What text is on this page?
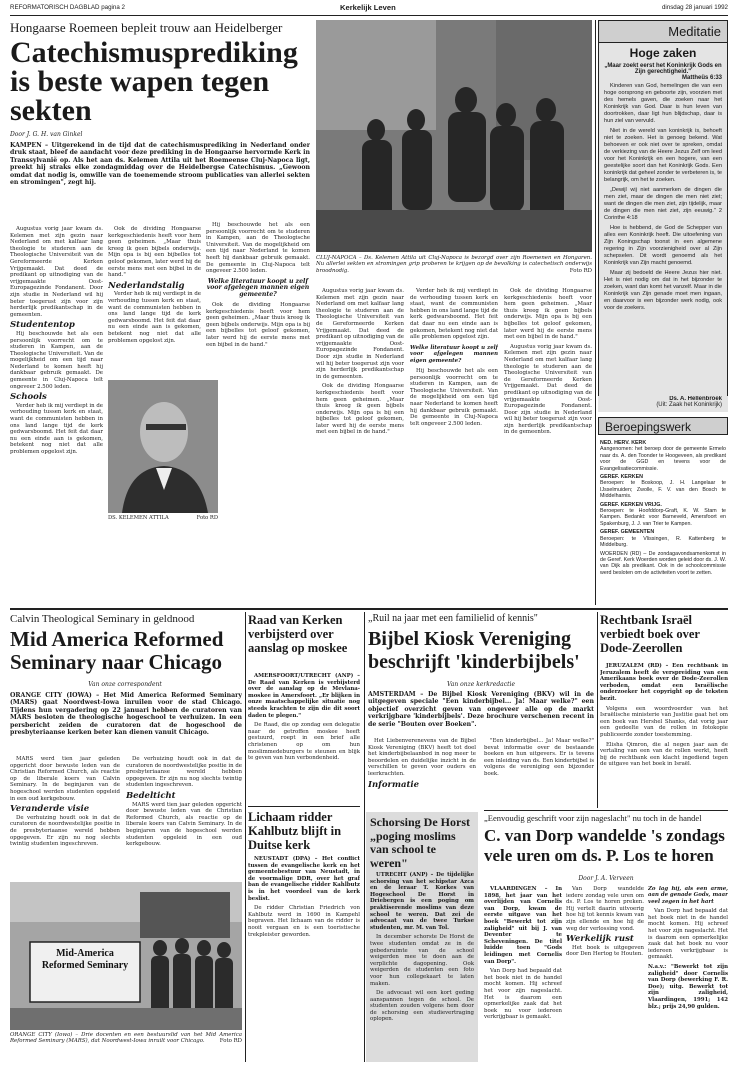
REFORMATORISCH DAGBLAD pagina 2	Kerkelijk Leven	dinsdag 28 januari 1992
Hongaarse Roemeen bepleit trouw aan Heidelberger
Catechismusprediking is beste wapen tegen sekten
Door J. G. H. van Ginkel
KAMPEN – Uitgerekend in de tijd dat de catechismusprediking in Nederland onder druk staat, bleef de aandacht voor deze prediking in de Hongaarse hervormde Kerk in Transsylvanië op. Als het aan ds. Kelemen Attila uit het Roemeense Cluj-Napoca ligt, preekt hij straks elke zondagmiddag over de Heidelbergse Catechismus. „Gewoon omdat dat nodig is, omwille van de toenemende stroom publicaties van allerlei sekten en stromingen", zegt hij.

Augustus vorig jaar kwam ds. Kelemen met zijn gezin naar Nederland om met kalfaar lang theologie te studeren aan de Theologische Universiteit van de Gereformeerde Kerken Vrijgemaakt. Dat deed de predikant op uitnodiging van de vrijgemaakte Oost-Europagezinde Fondanent. Door zijn studie in Nederland wil hij beter toegerust zijn voor zijn herderlijk predikantschap in de gemeenten.

Studententop

Hij beschouwde het als een persoonlijk voorrecht om te studeren in Kampen, aan de Theologische Universiteit. Van de mogelijkheid om een tijd naar Nederland te komen heeft hij dankbaar gebruik gemaakt. De gemeente in Cluj-Napoca telt ongeveer 2.500 leden.

Schools

Verder heb ik mij verdiept in de verhouding tussen kerk en staat, want de communisten hebben in ons land lange tijd de kerk gedwarsboomd. Het feit dat daar nu een einde aan is gekomen, betekent nog niet dat alle problemen opgelost zijn.

Ook de dividing Hongaarse kerkgeschiedenis heeft voor hem geen geheimen. „Maar thuis kreeg ik geen bijbels onderwijs. Mijn opa is bij een bijbelles tot geloof gekomen, later werd hij de eerste mens met een bijbel in de hand."

Nederlandstalig

Verder heb ik mij verdiept in de verhouding tussen kerk en staat, want de communisten hebben in ons land lange tijd de kerk gedwarsboomd. Het feit dat daar nu een einde aan is gekomen, betekent nog niet dat alle problemen opgelost zijn.

Hij beschouwde het als een persoonlijk voorrecht om te studeren in Kampen, aan de Theologische Universiteit. Van de mogelijkheid om een tijd naar Nederland te komen heeft hij dankbaar gebruik gemaakt. De gemeente in Cluj-Napoca telt ongeveer 2.500 leden.

Welke literatuur koopt u zelf voor afgelegen mannen eigen gemeente?

Ook de dividing Hongaarse kerkgeschiedenis heeft voor hem geen geheimen. „Maar thuis kreeg ik geen bijbels onderwijs. Mijn opa is bij een bijbelles tot geloof gekomen, later werd hij de eerste mens met een bijbel in de hand."

DS. KELEMEN ATTILA	Foto RD
CLUJ-NAPOCA – Ds. Kelemen Attila uit Cluj-Napoca is bezorgd over zijn Roemenen en Hongaren. Nu allerlei sekten en stromingen grip proberen te krijgen op de bevolking is catechetisch onderwijs broodnodig.	Foto RD

Augustus vorig jaar kwam ds. Kelemen met zijn gezin naar Nederland om met kalfaar lang theologie te studeren aan de Theologische Universiteit van de Gereformeerde Kerken Vrijgemaakt. Dat deed de predikant op uitnodiging van de vrijgemaakte Oost-Europagezinde Fondanent. Door zijn studie in Nederland wil hij beter toegerust zijn voor zijn herderlijk predikantschap in de gemeenten.

Ook de dividing Hongaarse kerkgeschiedenis heeft voor hem geen geheimen. „Maar thuis kreeg ik geen bijbels onderwijs. Mijn opa is bij een bijbelles tot geloof gekomen, later werd hij de eerste mens met een bijbel in de hand."

Verder heb ik mij verdiept in de verhouding tussen kerk en staat, want de communisten hebben in ons land lange tijd de kerk gedwarsboomd. Het feit dat daar nu een einde aan is gekomen, betekent nog niet dat alle problemen opgelost zijn.

Welke literatuur koopt u zelf voor afgelegen mannen eigen gemeente?

Hij beschouwde het als een persoonlijk voorrecht om te studeren in Kampen, aan de Theologische Universiteit. Van de mogelijkheid om een tijd naar Nederland te komen heeft hij dankbaar gebruik gemaakt. De gemeente in Cluj-Napoca telt ongeveer 2.500 leden.

Ook de dividing Hongaarse kerkgeschiedenis heeft voor hem geen geheimen. „Maar thuis kreeg ik geen bijbels onderwijs. Mijn opa is bij een bijbelles tot geloof gekomen, later werd hij de eerste mens met een bijbel in de hand."

Augustus vorig jaar kwam ds. Kelemen met zijn gezin naar Nederland om met kalfaar lang theologie te studeren aan de Theologische Universiteit van de Gereformeerde Kerken Vrijgemaakt. Dat deed de predikant op uitnodiging van de vrijgemaakte Oost-Europagezinde Fondanent. Door zijn studie in Nederland wil hij beter toegerust zijn voor zijn herderlijk predikantschap in de gemeenten.

Meditatie
Hoge zaken
„Maar zoekt eerst het Koninkrijk Gods en Zijn gerechtigheid."
Mattheüs 6:33

Kinderen van God, hemelingen die van een hoge oorsprong en geboorte zijn, voorzien met des hemels gaven, die zoeken naar het Koninkrijk van God. Daar is hun leven van doortrokken, daar ligt hun blijdschap, daar is hun ziel van vervuld.

Niet in de wereld van koninkrijk is, behoeft niet te zoeken. Het is genoeg bekend. Wat behoeven er ook niet over te spreken, omdat de verkiezing van de Heere Jezus Zelf om leed voor het Koninkrijk en een hogere, van een geestelijke soort dan het Koninkrijk Gods. Een koninkrijk dat geheel zonder te verbeteren is, te belangrijk, om het te zoeken.

„Dewijl wij niet aanmerken de dingen die men ziet, maar de dingen die men niet ziet; want de dingen die men ziet, zijn tijdelijk, maar de dingen die men niet ziet, zijn eeuwig." 2 Corinthe 4:18

Hoe is hebbend, de God de Schepper van alles een Koninkrijk heeft. Die uitoefening van Zijn Koningschap toonst in een algemene regering in Zijn voorzienigheid over al Zijn schepselen. Dit wordt genoemd als het Koninkrijk van Zijn macht genoemd.

Maar zij bedoeld de Heere Jezus hier niet. Het is niet nodig om dat in het bijzonder te zoeken, want dan komt het vanzelf. Maar in die Koninkrijk van Zijn genade moet men ingaan, en daarvoor is een bijzonder werk nodig, ook voor de zoekers.

Ds. A. Hellenbroek
(Uit: Zaak het Koninkrijk)
Beroepingswerk
NED. HERV. KERK

Aangenomen: het beroep door de gemeente Ermelo naar ds. A. den Toonder te Hoogeveen, als predikant voor de GGD en tevens voor de Evangelisatiecommissie.

GEREF. KERKEN

Beroepen: te Boskoop, J. H. Langelaar te IJsselmuiden; Zwolle, F. V. van den Bosch te Middelharnis.

GEREF. KERKEN VRIJG.

Beroepen: te Hoofddorp-Graft, K. W. Stam te Kampen. Bedankt: voor Barneveld, Amersfoort en Spakenburg, J. J. van Trier te Kampen.

GEREF. GEMEENTEN

Beroepen: te Vlissingen, R. Kattenberg te Middelburg.

WOERDEN (RD) – De zondagavondsamenkomst in de Geref. Kerk Woerden worden geleid door ds. J. W. van Dijk als predikant. Ook in de schoolcommissie werd besloten om de activiteiten voort te zetten.

Calvin Theological Seminary in geldnood
Mid America Reformed Seminary naar Chicago
Van onze correspondent
ORANGE CITY (IOWA) – Het Mid America Reformed Seminary (MARS) gaat Noordwest-Iowa inruilen voor de stad Chicago. Tijdens hun vergadering op 22 januari hebben de curatoren van MARS besloten de theologische hogeschool te verhuizen. In een persbericht zeiden de curatoren dat de hogeschool de presbyteriaanse kerken beter kan dienen vanuit Chicago.

MARS werd tien jaar geleden opgericht door bewuste leden van de Christian Reformed Church, als reactie op de liberale koers van Calvin Seminary. In de beginjaren van de hogeschool werden studenten opgeleid in een oud kerkgebouw.

Veranderde visie

De verhuizing houdt ook in dat de curatoren de noordwestelijke positie in de presbyteriaanse wereld hebben opgegeven. Er zijn nu nog slechts twintig studenten ingeschreven.

De verhuizing houdt ook in dat de curatoren de noordwestelijke positie in de presbyteriaanse wereld hebben opgegeven. Er zijn nu nog slechts twintig studenten ingeschreven.

Bedelticht

MARS werd tien jaar geleden opgericht door bewuste leden van de Christian Reformed Church, als reactie op de liberale koers van Calvin Seminary. In de beginjaren van de hogeschool werden studenten opgeleid in een oud kerkgebouw.

Mid-America Reformed Seminary
ORANGE CITY (Iowa) – Drie docenten en een bestuurslid van het Mid America Reformed Seminary (MARS), dat Noordwest-Iowa inruilt voor Chicago.	Foto RD
Raad van Kerken verbijsterd over aanslag op moskee

AMERSFOORT/UTRECHT (ANP) – De Raad van Kerken is verbijsterd over de aanslag op de Mevlana-moskee in Amersfoort. „Er blijken in onze maatschappelijke situatie nog steeds krachten te zijn die dit soort daden te plegen."

De Raad, die op zondag een delegatie naar de getroffen moskee heeft gestuurd, roept in een brief alle christenen op om hun moslimmedeburgers te steunen en blijk te geven van hun verbondenheid.

Lichaam ridder Kahlbutz blijft in Duitse kerk

NEUSTADT (DPA) – Het conflict tussen de evangelische kerk en het gemeentebestuur van Neustadt, in de voormalige DDR, over het graf ban de evangelische ridder Kahlbutz is in het voordeel van de kerk beslist.

De ridder Christian Friedrich von Kahlbutz werd in 1690 in Kampehl begraven. Het lichaam van de ridder is nooit vergaan en is een toeristische trekpleister geworden.

„Ruil na jaar met een familielid of kennis"
Bijbel Kiosk Vereniging beschrijft 'kinderbijbels'
Van onze kerkredactie
AMSTERDAM – De Bijbel Kiosk Vereniging (BKV) wil in de uitgegeven speciale "Een kinderbijbel... Ja! Maar welke?" een objectief overzicht geven van ongeveer alle op de markt verkrijgbare 'kinderbijbels'. Deze brochure verschenen recent in de serie "Bouten over Boeken".

Het Liebenverenevens van de Bijbel Kiosk Vereniging (BKV) heeft tot doel het kinderbijbelaanbod in nog meer te beoordelen en duidelijke inzicht in de verschillen te geven voor ouders en leerkrachten.

Informatie

"Een kinderbijbel... Ja! Maar welke?" bevat informatie over de bestaande boeken en hun uitgevers. Er is tevens een inleiding van ds. Een kinderbijbel is volgens de vereniging een bijzonder boek.

Schorsing De Horst „poging moslims van school te weren"

UTRECHT (ANP) – De tijdelijke schorsing van het schipstar Azca en de leraar T. Korkes van Hogeschool De Horst in Driebergen is een poging om praktiserende moslims van deze school te weren. Dat zei de advocaat van de twee Turkse studenten, mr. M. van Tol.

In december schorste De Horst de twee studenten omdat ze in de gebedsruimte van de school weigerden mee te doen aan de verplichte dagopening. Ook weigerden de studenten een foto voor hun collegekaart te laten maken.

De advocaat wil een kort geding aanspannen tegen de school. De studenten zouden volgens hem door de schorsing een studievertraging oplopen.

Rechtbank Israël verbiedt boek over Dode-Zeerollen

JERUZALEM (RD) – Een rechtbank in Jeruzalem heeft de verspreiding van een Amerikaans boek over de Dode-Zeerollen verboden, omdat een Israëlische onderzoeker het copyright op de teksten bezit.

Volgens een woordvoerder van het Israëlische ministerie van Justitie gaat het om een boek van Hershel Shanks, dat vorig jaar een gedeelte van de rollen in fotokopie publiceerde zonder toestemming.

Elisha Qimron, die al negen jaar aan de vertaling van een van de rollen werkt, heeft bij de rechtbank een klacht ingediend tegen de uitgave van het boek in Israël.

„Eenvoudig geschrift voor zijn nageslacht" nu toch in de handel
C. van Dorp wandelde 's zondags vele uren om ds. P. Los te horen
Door J. A. Verveen

VLAARDINGEN – In 1898, het jaar van het overlijden van Cornelis van Dorp, kwam de eerste uitgave van het boek "Bewerkt tot zijn zaligheid" uit bij J. van Deventer te Scheveningen. De titel luidde toen "Gods leidingen met Cornelis van Dorp".

Van Dorp had bepaald dat het boek niet in de handel mocht komen. Hij schreef het voor zijn nageslacht. Het is daarom een opmerkelijke zaak dat het boek nu voor iedereen verkrijgbaar is gemaakt.

Van Dorp wandelde iedere zondag vele uren om ds. P. Los te horen preken. Hij vertelt daarin uitvoerig hoe hij tot kennis kwam van zijn ellende en hoe hij de weg der verlossing vond.

Werkelijk rust

Het boek is uitgegeven door Den Hertog te Houten.

Zo lag hij, als een arme, aan de genade Gods, maar veel zegen in het hart

Van Dorp had bepaald dat het boek niet in de handel mocht komen. Hij schreef het voor zijn nageslacht. Het is daarom een opmerkelijke zaak dat het boek nu voor iedereen verkrijgbaar is gemaakt.

N.a.v.: "Bewerkt tot zijn zaligheid" door Cornelis van Dorp (bewerking F. R. Doe); uitg. Bewerkt tot zijn zaligheid, Vlaardingen, 1991; 142 blz.; prijs 24,90 gulden.
